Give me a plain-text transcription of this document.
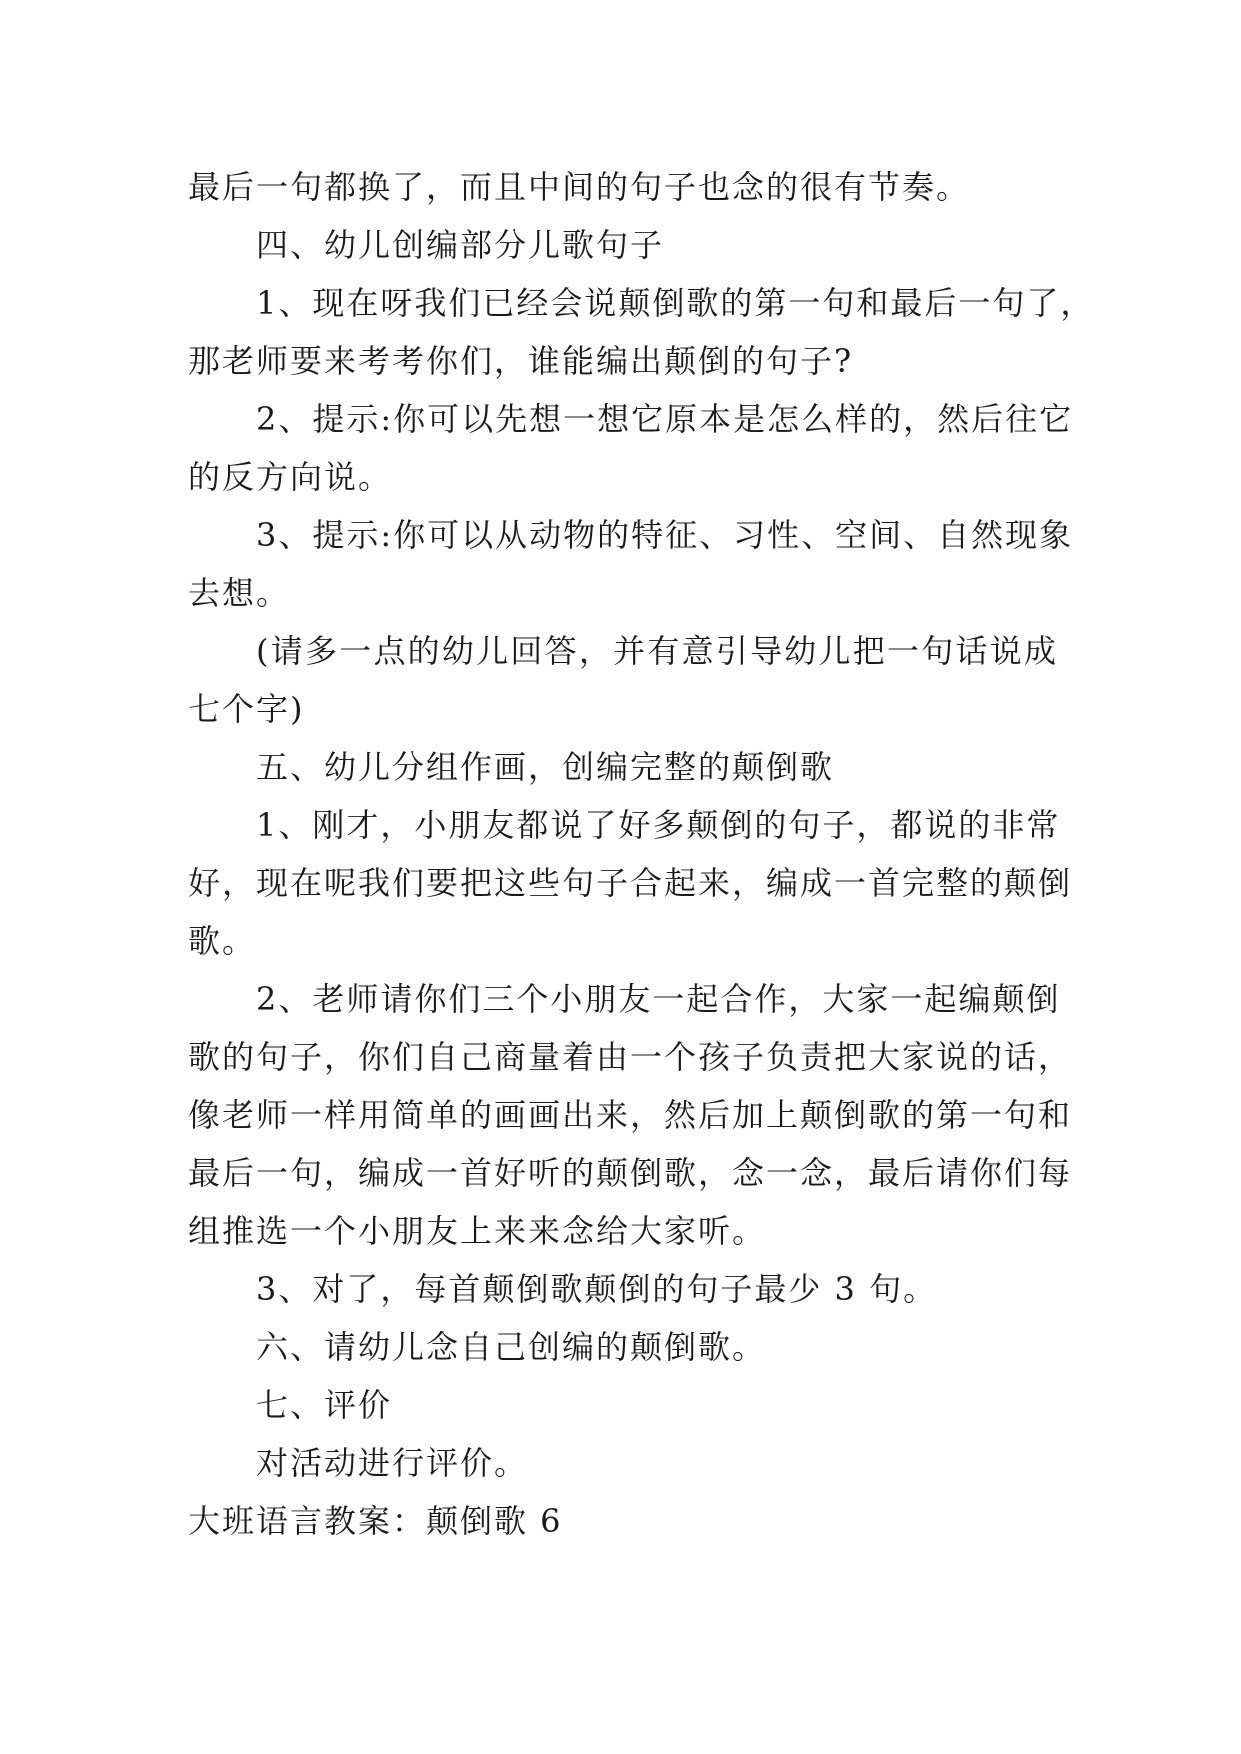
最后一句都换了，而且中间的句子也念的很有节奏。
四、幼儿创编部分儿歌句子
1、现在呀我们已经会说颠倒歌的第一句和最后一句了，
那老师要来考考你们，谁能编出颠倒的句子?
2、提示:你可以先想一想它原本是怎么样的，然后往它
的反方向说。
3、提示:你可以从动物的特征、习性、空间、自然现象
去想。
(请多一点的幼儿回答，并有意引导幼儿把一句话说成
七个字)
五、幼儿分组作画，创编完整的颠倒歌
1、刚才，小朋友都说了好多颠倒的句子，都说的非常
好，现在呢我们要把这些句子合起来，编成一首完整的颠倒
歌。
2、老师请你们三个小朋友一起合作，大家一起编颠倒
歌的句子，你们自己商量着由一个孩子负责把大家说的话，
像老师一样用简单的画画出来，然后加上颠倒歌的第一句和
最后一句，编成一首好听的颠倒歌，念一念，最后请你们每
组推选一个小朋友上来来念给大家听。
3、对了，每首颠倒歌颠倒的句子最少 3 句。
六、请幼儿念自己创编的颠倒歌。
七、评价
对活动进行评价。
大班语言教案：颠倒歌 6
